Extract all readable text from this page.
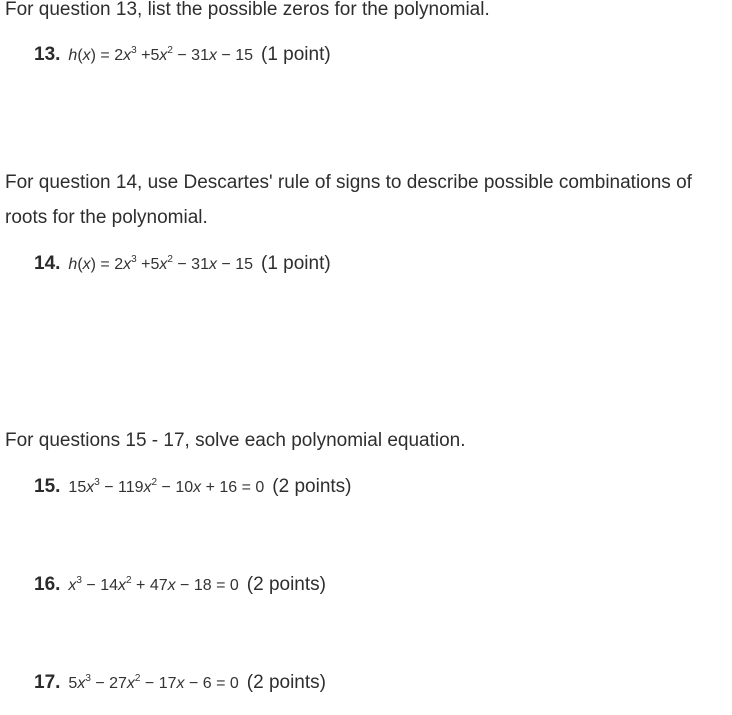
For question 13, list the possible zeros for the polynomial.

13. $h(x) = 2x^3 +5x^2 - 31x - 15$ (1 point)

For question 14, use Descartes' rule of signs to describe possible combinations of roots for the polynomial.

14. $h(x) = 2x^3 +5x^2 - 31x - 15$ (1 point)

For questions 15 - 17, solve each polynomial equation.

15. $15x^3 - 119x^2 - 10x + 16 = 0$ (2 points)
16. $x^3 - 14x^2 + 47x - 18 = 0$ (2 points)
17. $5x^3 - 27x^2 - 17x - 6 = 0$ (2 points)
